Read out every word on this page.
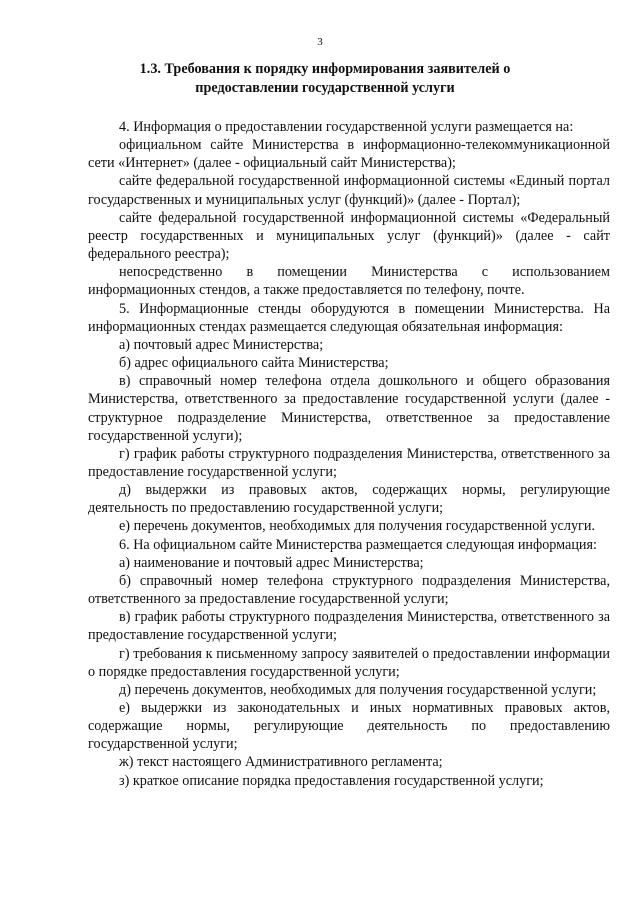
3
1.3. Требования к порядку информирования заявителей о
предоставлении государственной услуги

4. Информация о предоставлении государственной услуги размещается на:

официальном сайте Министерства в информационно-телекоммуникационной сети «Интернет» (далее - официальный сайт Министерства);

сайте федеральной государственной информационной системы «Единый портал государственных и муниципальных услуг (функций)» (далее - Портал);

сайте федеральной государственной информационной системы «Федеральный реестр государственных и муниципальных услуг (функций)» (далее - сайт федерального реестра);

непосредственно в помещении Министерства с использованием информационных стендов, а также предоставляется по телефону, почте.

5. Информационные стенды оборудуются в помещении Министерства. На информационных стендах размещается следующая обязательная информация:

а) почтовый адрес Министерства;

б) адрес официального сайта Министерства;

в) справочный номер телефона отдела дошкольного и общего образования Министерства, ответственного за предоставление государственной услуги (далее - структурное подразделение Министерства, ответственное за предоставление государственной услуги);

г) график работы структурного подразделения Министерства, ответственного за предоставление государственной услуги;

д) выдержки из правовых актов, содержащих нормы, регулирующие деятельность по предоставлению государственной услуги;

е) перечень документов, необходимых для получения государственной услуги.

6. На официальном сайте Министерства размещается следующая информация:

а) наименование и почтовый адрес Министерства;

б) справочный номер телефона структурного подразделения Министерства, ответственного за предоставление государственной услуги;

в) график работы структурного подразделения Министерства, ответственного за предоставление государственной услуги;

г) требования к письменному запросу заявителей о предоставлении информации о порядке предоставления государственной услуги;

д) перечень документов, необходимых для получения государственной услуги;

е) выдержки из законодательных и иных нормативных правовых актов, содержащие нормы, регулирующие деятельность по предоставлению государственной услуги;

ж) текст настоящего Административного регламента;

з) краткое описание порядка предоставления государственной услуги;
